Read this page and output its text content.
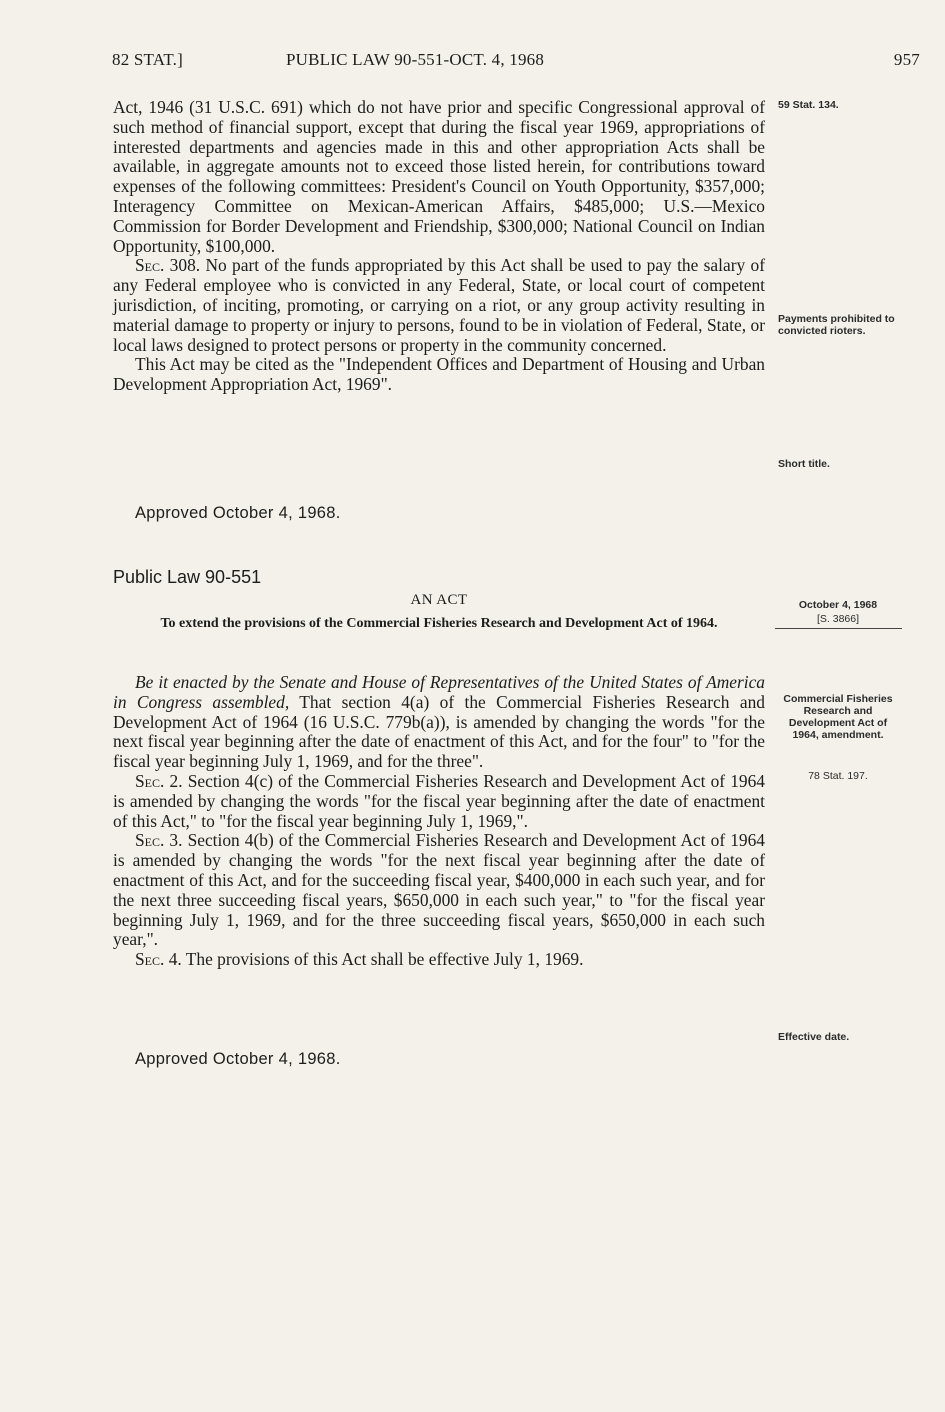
82 STAT.]	PUBLIC LAW 90-551-OCT. 4, 1968	957

Act, 1946 (31 U.S.C. 691) which do not have prior and specific Congressional approval of such method of financial support, except that during the fiscal year 1969, appropriations of interested departments and agencies made in this and other appropriation Acts shall be available, in aggregate amounts not to exceed those listed herein, for contributions toward expenses of the following committees: President's Council on Youth Opportunity, $357,000; Interagency Committee on Mexican-American Affairs, $485,000; U.S.—Mexico Commission for Border Development and Friendship, $300,000; National Council on Indian Opportunity, $100,000.

Sec. 308. No part of the funds appropriated by this Act shall be used to pay the salary of any Federal employee who is convicted in any Federal, State, or local court of competent jurisdiction, of inciting, promoting, or carrying on a riot, or any group activity resulting in material damage to property or injury to persons, found to be in violation of Federal, State, or local laws designed to protect persons or property in the community concerned.

This Act may be cited as the "Independent Offices and Department of Housing and Urban Development Appropriation Act, 1969".

Approved October 4, 1968.
59 Stat. 134.
Payments prohibited to convicted rioters.
Short title.
Public Law 90-551
AN ACT
To extend the provisions of the Commercial Fisheries Research and Development Act of 1964.
October 4, 1968
[S. 3866]

Be it enacted by the Senate and House of Representatives of the United States of America in Congress assembled, That section 4(a) of the Commercial Fisheries Research and Development Act of 1964 (16 U.S.C. 779b(a)), is amended by changing the words "for the next fiscal year beginning after the date of enactment of this Act, and for the four" to "for the fiscal year beginning July 1, 1969, and for the three".

Sec. 2. Section 4(c) of the Commercial Fisheries Research and Development Act of 1964 is amended by changing the words "for the fiscal year beginning after the date of enactment of this Act," to "for the fiscal year beginning July 1, 1969,".

Sec. 3. Section 4(b) of the Commercial Fisheries Research and Development Act of 1964 is amended by changing the words "for the next fiscal year beginning after the date of enactment of this Act, and for the succeeding fiscal year, $400,000 in each such year, and for the next three succeeding fiscal years, $650,000 in each such year," to "for the fiscal year beginning July 1, 1969, and for the three succeeding fiscal years, $650,000 in each such year,".

Sec. 4. The provisions of this Act shall be effective July 1, 1969.

Approved October 4, 1968.
Commercial Fisheries Research and Development Act of 1964, amendment.
78 Stat. 197.
Effective date.
